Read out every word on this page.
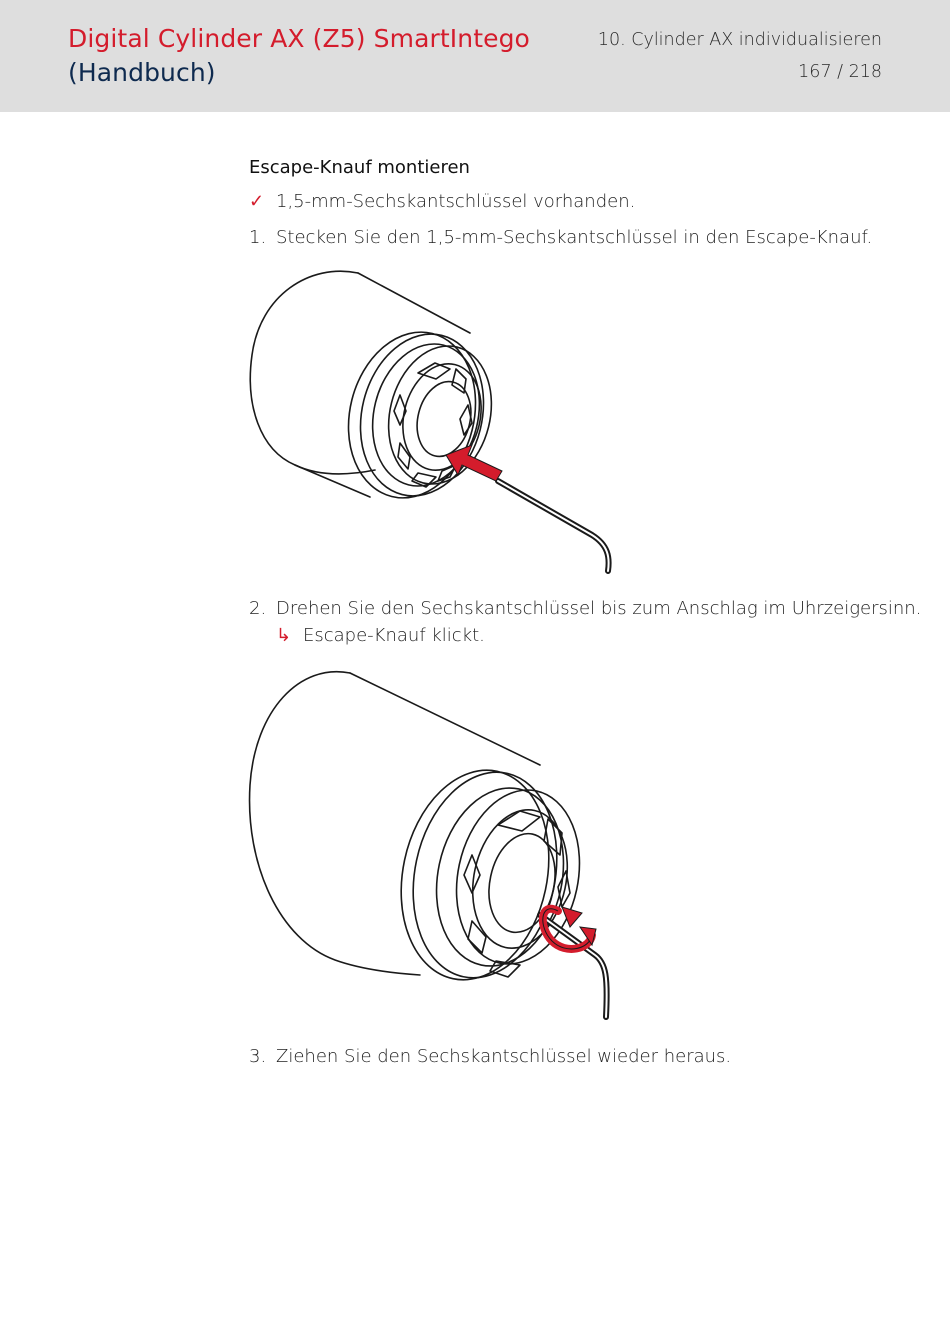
Digital Cylinder AX (Z5) SmartIntego
(Handbuch)
10. Cylinder AX individualisieren
167 / 218
Escape-Knauf montieren
✓ 1,5-mm-Sechskantschlüssel vorhanden.
1. Stecken Sie den 1,5-mm-Sechskantschlüssel in den Escape-Knauf.
2. Drehen Sie den Sechskantschlüssel bis zum Anschlag im Uhrzeigersinn.
↳ Escape-Knauf klickt.
3. Ziehen Sie den Sechskantschlüssel wieder heraus.
